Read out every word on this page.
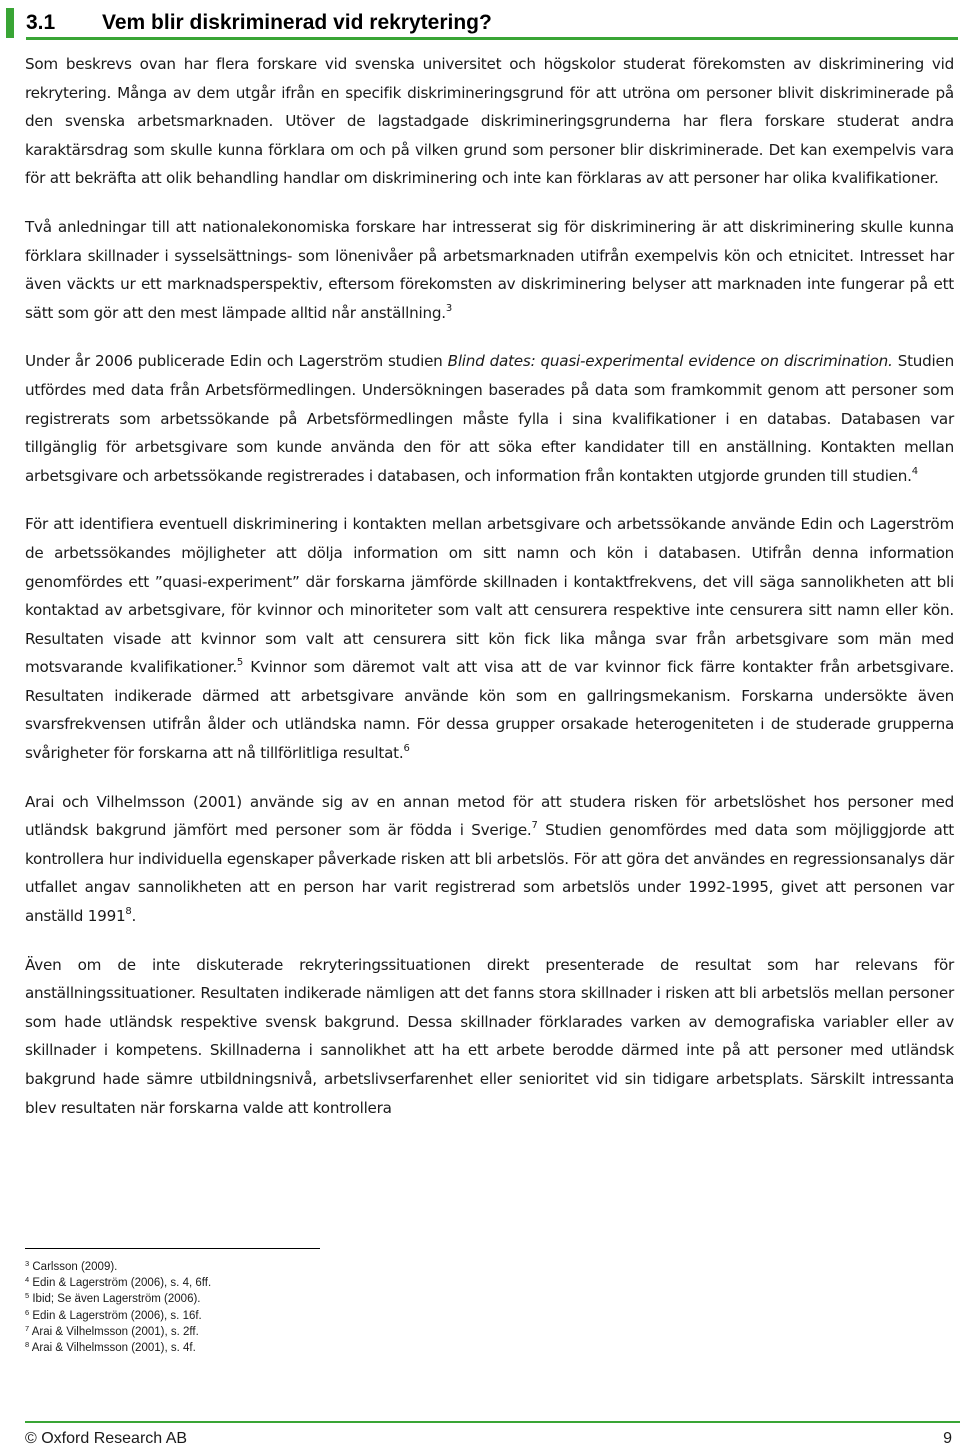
3.1	Vem blir diskriminerad vid rekrytering?

Som beskrevs ovan har flera forskare vid svenska universitet och högskolor studerat förekomsten av diskriminering vid rekrytering. Många av dem utgår ifrån en specifik diskrimineringsgrund för att utröna om personer blivit diskriminerade på den svenska arbetsmarknaden. Utöver de lagstadgade diskrimineringsgrunderna har flera forskare studerat andra karaktärsdrag som skulle kunna förklara om och på vilken grund som personer blir diskriminerade. Det kan exempelvis vara för att bekräfta att olik behandling handlar om diskriminering och inte kan förklaras av att personer har olika kvalifikationer.

Två anledningar till att nationalekonomiska forskare har intresserat sig för diskriminering är att diskriminering skulle kunna förklara skillnader i sysselsättnings- som lönenivåer på arbetsmarknaden utifrån exempelvis kön och etnicitet. Intresset har även väckts ur ett marknadsperspektiv, eftersom förekomsten av diskriminering belyser att marknaden inte fungerar på ett sätt som gör att den mest lämpade alltid når anställning.$^3$

Under år 2006 publicerade Edin och Lagerström studien Blind dates: quasi-experimental evidence on discrimination. Studien utfördes med data från Arbetsförmedlingen. Undersökningen baserades på data som framkommit genom att personer som registrerats som arbetssökande på Arbetsförmedlingen måste fylla i sina kvalifikationer i en databas. Databasen var tillgänglig för arbetsgivare som kunde använda den för att söka efter kandidater till en anställning. Kontakten mellan arbetsgivare och arbetssökande registrerades i databasen, och information från kontakten utgjorde grunden till studien.$^4$

För att identifiera eventuell diskriminering i kontakten mellan arbetsgivare och arbetssökande använde Edin och Lagerström de arbetssökandes möjligheter att dölja information om sitt namn och kön i databasen. Utifrån denna information genomfördes ett ”quasi-experiment” där forskarna jämförde skillnaden i kontaktfrekvens, det vill säga sannolikheten att bli kontaktad av arbetsgivare, för kvinnor och minoriteter som valt att censurera respektive inte censurera sitt namn eller kön. Resultaten visade att kvinnor som valt att censurera sitt kön fick lika många svar från arbetsgivare som män med motsvarande kvalifikationer.$^5$ Kvinnor som däremot valt att visa att de var kvinnor fick färre kontakter från arbetsgivare. Resultaten indikerade därmed att arbetsgivare använde kön som en gallringsmekanism. Forskarna undersökte även svarsfrekvensen utifrån ålder och utländska namn. För dessa grupper orsakade heterogeniteten i de studerade grupperna svårigheter för forskarna att nå tillförlitliga resultat.$^6$

Arai och Vilhelmsson (2001) använde sig av en annan metod för att studera risken för arbetslöshet hos personer med utländsk bakgrund jämfört med personer som är födda i Sverige.$^7$ Studien genomfördes med data som möjliggjorde att kontrollera hur individuella egenskaper påverkade risken att bli arbetslös. För att göra det användes en regressionsanalys där utfallet angav sannolikheten att en person har varit registrerad som arbetslös under 1992-1995, givet att personen var anställd 1991$^8$.

Även om de inte diskuterade rekryteringssituationen direkt presenterade de resultat som har relevans för anställningssituationer. Resultaten indikerade nämligen att det fanns stora skillnader i risken att bli arbetslös mellan personer som hade utländsk respektive svensk bakgrund. Dessa skillnader förklarades varken av demografiska variabler eller av skillnader i kompetens. Skillnaderna i sannolikhet att ha ett arbete berodde därmed inte på att personer med utländsk bakgrund hade sämre utbildningsnivå, arbetslivserfarenhet eller senioritet vid sin tidigare arbetsplats. Särskilt intressanta blev resultaten när forskarna valde att kontrollera

$^3$ Carlsson (2009).
$^4$ Edin & Lagerström (2006), s. 4, 6ff.
$^5$ Ibid; Se även Lagerström (2006).
$^6$ Edin & Lagerström (2006), s. 16f.
$^7$ Arai & Vilhelmsson (2001), s. 2ff.
$^8$ Arai & Vilhelmsson (2001), s. 4f.
© Oxford Research AB	9
